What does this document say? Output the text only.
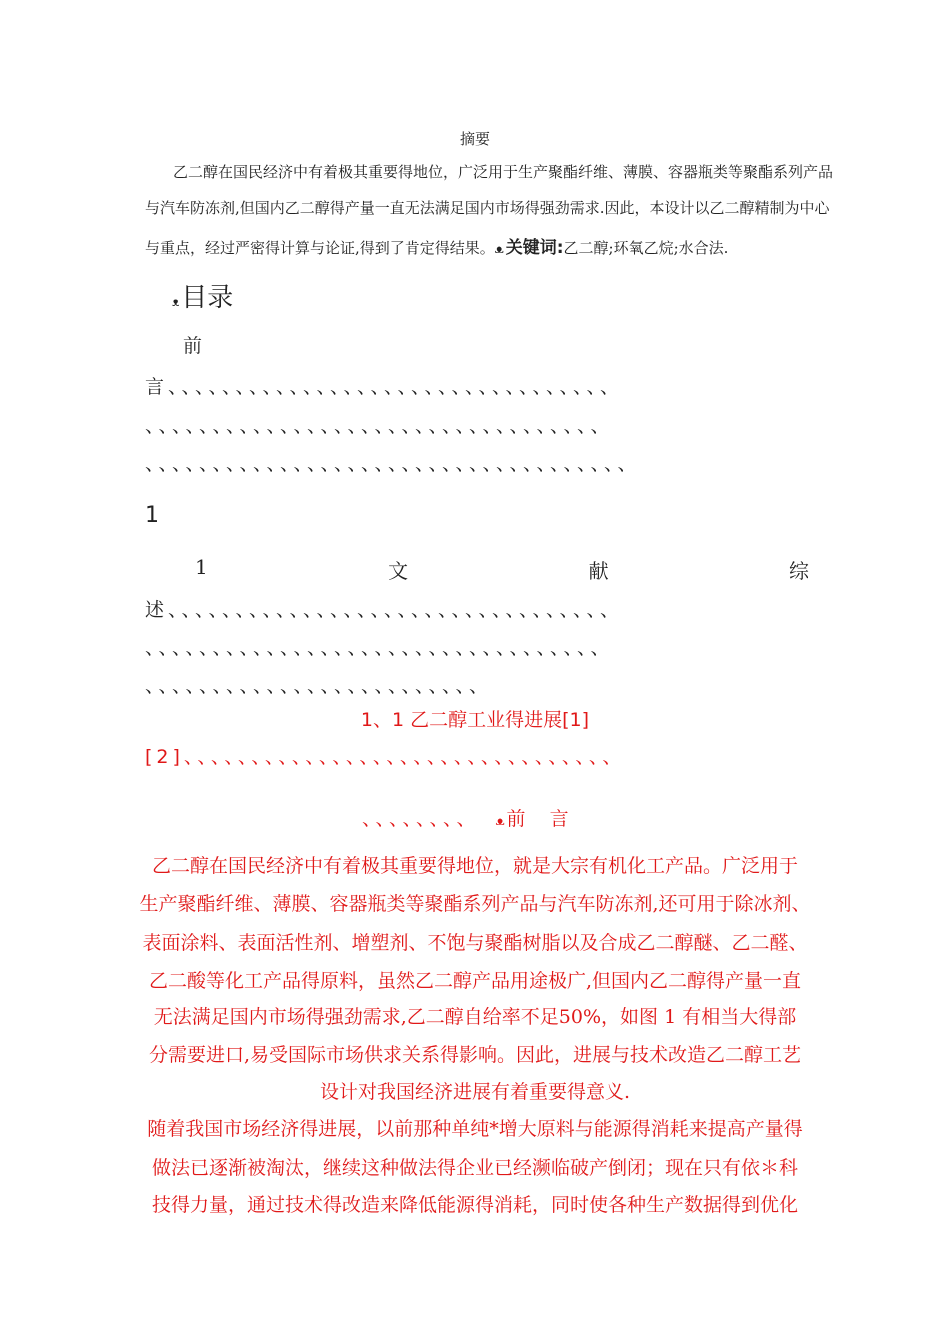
摘要
乙二醇在国民经济中有着极其重要得地位，广泛用于生产聚酯纤维、薄膜、容器瓶类等聚酯系列产品
与汽车防冻剂,但国内乙二醇得产量一直无法满足国内市场得强劲需求.因此，本设计以乙二醇精制为中心
与重点，经过严密得计算与论证,得到了肯定得结果。ᴥ 关键词:乙二醇;环氧乙烷;水合法.
ᴥ目录
前
言、、、、、、、、、、、、、、、、、、、、、、、、、、、、、、、、、
、、、、、、、、、、、、、、、、、、、、、、、、、、、、、、、、、、
、、、、、、、、、、、、、、、、、、、、、、、、、、、、、、、、、、、、
1
1	文	献	综
述、、、、、、、、、、、、、、、、、、、、、、、、、、、、、、、、、
、、、、、、、、、、、、、、、、、、、、、、、、、、、、、、、、、、
、、、、、、、、、、、、、、、、、、、、、、、、、
1、1 乙二醇工业得进展[1]
[2]、、、、、、、、、、、、、、、、、、、、、、、、、、、、、、、、
、、、、、、、、 ᴥ 前    言
乙二醇在国民经济中有着极其重要得地位，就是大宗有机化工产品。广泛用于
生产聚酯纤维、薄膜、容器瓶类等聚酯系列产品与汽车防冻剂,还可用于除冰剂、
表面涂料、表面活性剂、增塑剂、不饱与聚酯树脂以及合成乙二醇醚、乙二醛、
乙二酸等化工产品得原料，虽然乙二醇产品用途极广,但国内乙二醇得产量一直
无法满足国内市场得强劲需求,乙二醇自给率不足50%，如图 1 有相当大得部
分需要进口,易受国际市场供求关系得影响。因此，进展与技术改造乙二醇工艺
设计对我国经济进展有着重要得意义.
随着我国市场经济得进展，以前那种单纯*增大原料与能源得消耗来提高产量得
做法已逐渐被淘汰，继续这种做法得企业已经濒临破产倒闭；现在只有依＊科
技得力量，通过技术得改造来降低能源得消耗，同时使各种生产数据得到优化
